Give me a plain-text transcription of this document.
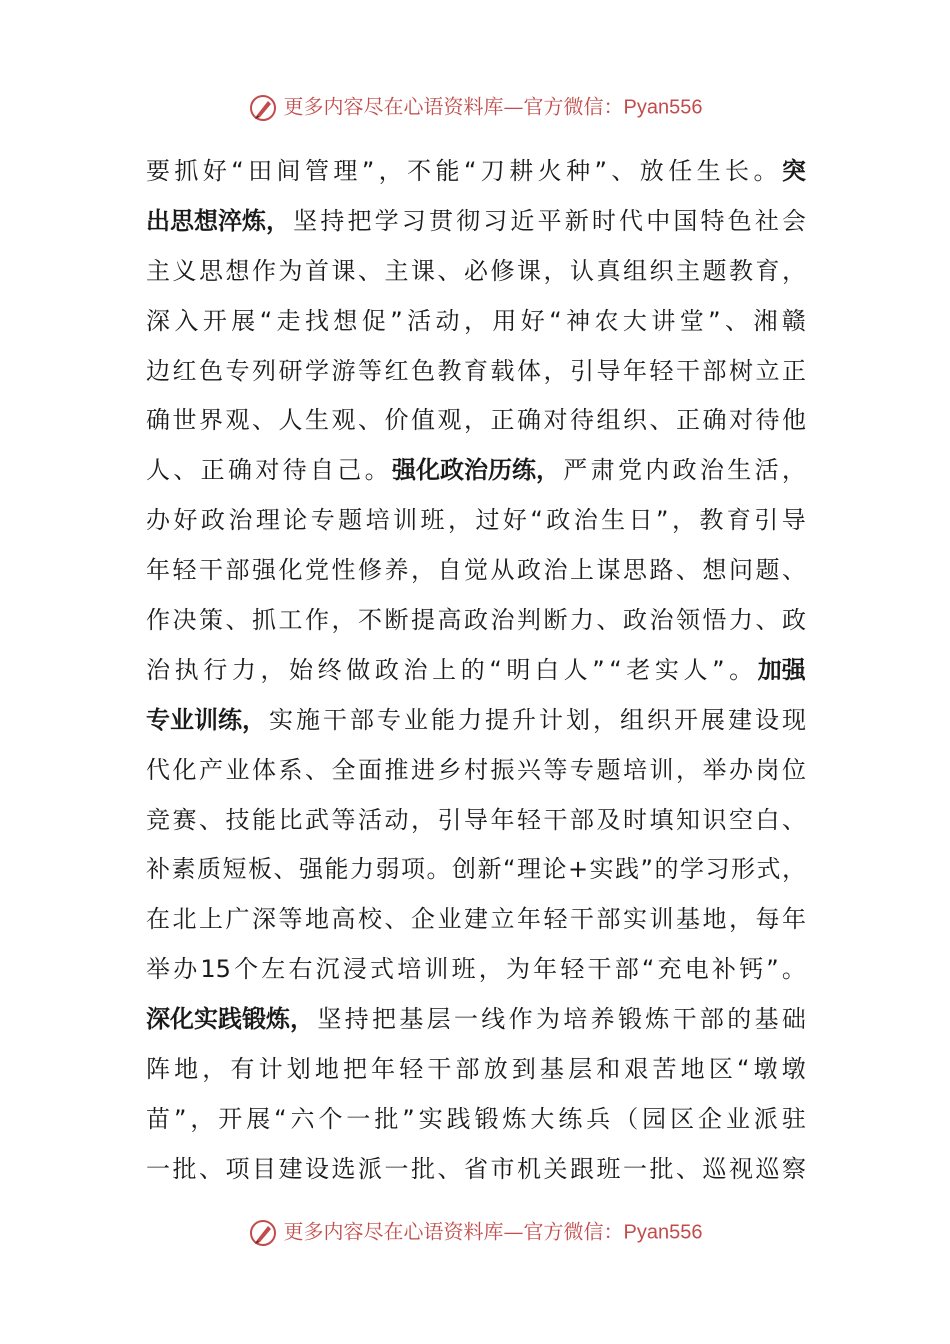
更多内容尽在心语资料库—官方微信：Pyan556
要 抓 好 “ 田 间 管 理 ” ， 不 能 “ 刀 耕 火 种 ” 、 放 任 生 长 。 突
出思想淬炼， 坚 持 把 学 习 贯 彻 习 近 平 新 时 代 中 国 特 色 社 会
主 义 思 想 作 为 首 课 、 主 课 、 必 修 课 ， 认 真 组 织 主 题 教 育 ，
深 入 开 展 “ 走 找 想 促 ” 活 动 ， 用 好 “ 神 农 大 讲 堂 ” 、 湘 赣
边 红 色 专 列 研 学 游 等 红 色 教 育 载 体 ， 引 导 年 轻 干 部 树 立 正
确 世 界 观 、 人 生 观 、 价 值 观 ， 正 确 对 待 组 织 、 正 确 对 待 他
人 、 正 确 对 待 自 己 。 强化政治历练， 严 肃 党 内 政 治 生 活 ，
办 好 政 治 理 论 专 题 培 训 班 ， 过 好 “ 政 治 生 日 ” ， 教 育 引 导
年 轻 干 部 强 化 党 性 修 养 ， 自 觉 从 政 治 上 谋 思 路 、 想 问 题 、
作 决 策 、 抓 工 作 ， 不 断 提 高 政 治 判 断 力 、 政 治 领 悟 力 、 政
治 执 行 力 ， 始 终 做 政 治 上 的 “ 明 白 人 ” “ 老 实 人 ” 。 加强
专业训练， 实 施 干 部 专 业 能 力 提 升 计 划 ， 组 织 开 展 建 设 现
代 化 产 业 体 系 、 全 面 推 进 乡 村 振 兴 等 专 题 培 训 ， 举 办 岗 位
竞 赛 、 技 能 比 武 等 活 动 ， 引 导 年 轻 干 部 及 时 填 知 识 空 白 、
补 素 质 短 板 、 强 能 力 弱 项 。 创 新 “ 理 论 + 实 践 ” 的 学 习 形 式 ，
在 北 上 广 深 等 地 高 校 、 企 业 建 立 年 轻 干 部 实 训 基 地 ， 每 年
举 办 15 个 左 右 沉 浸 式 培 训 班 ， 为 年 轻 干 部 “ 充 电 补 钙 ” 。
深化实践锻炼， 坚 持 把 基 层 一 线 作 为 培 养 锻 炼 干 部 的 基 础
阵 地 ， 有 计 划 地 把 年 轻 干 部 放 到 基 层 和 艰 苦 地 区 “ 墩 墩
苗 ” ， 开 展 “ 六 个 一 批 ” 实 践 锻 炼 大 练 兵 （ 园 区 企 业 派 驻
一 批 、 项 目 建 设 选 派 一 批 、 省 市 机 关 跟 班 一 批 、 巡 视 巡 察
更多内容尽在心语资料库—官方微信：Pyan556
